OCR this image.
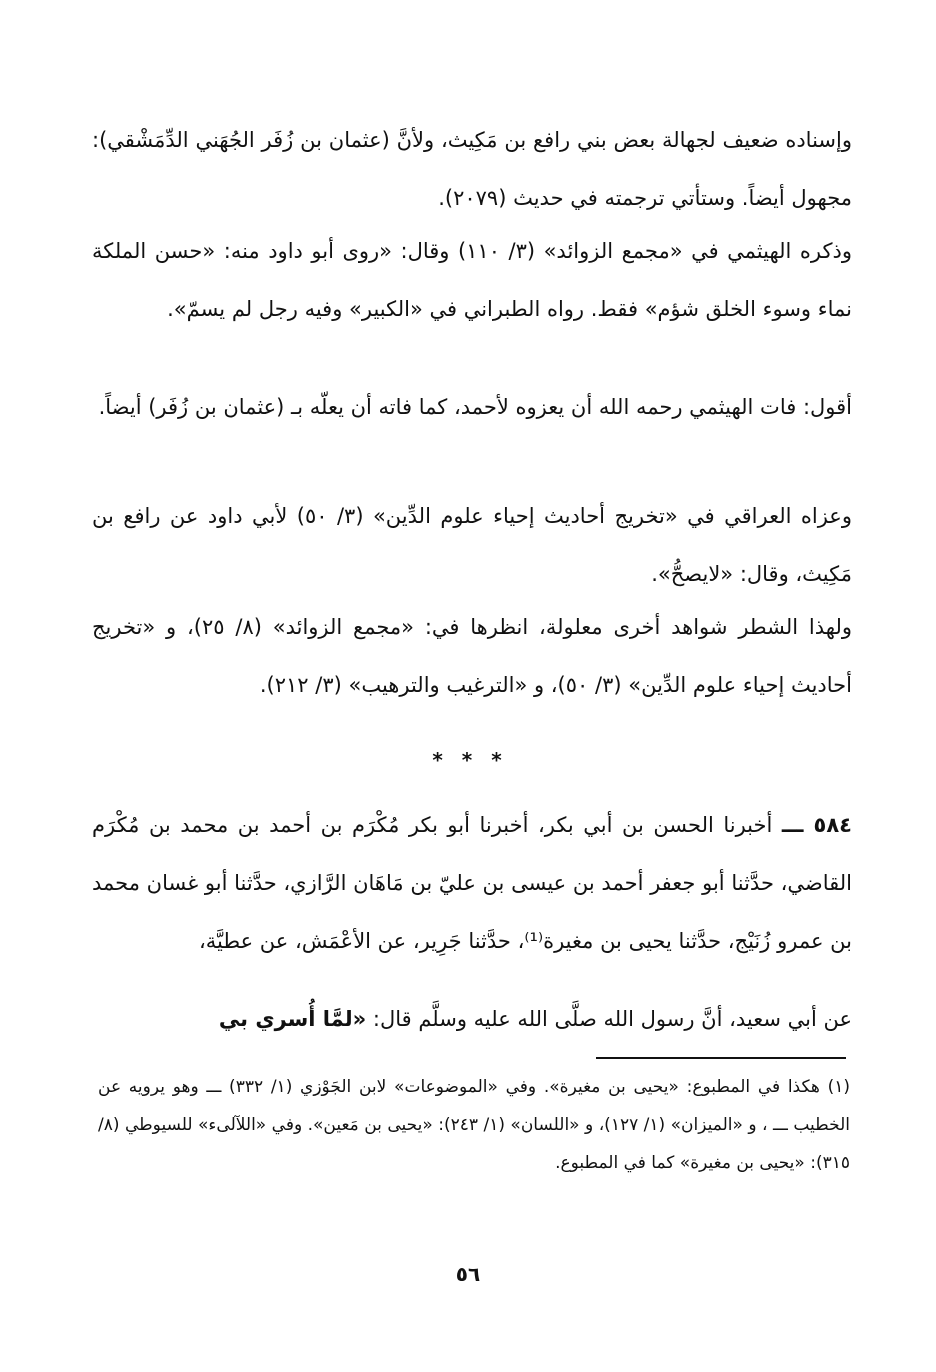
وإسناده ضعيف لجهالة بعض بني رافع بن مَكِيث، ولأنَّ (عثمان بن زُفَر الجُهَني الدِّمَشْقي): مجهول أيضاً. وستأتي ترجمته في حديث (٢٠٧٩).

وذكره الهيثمي في «مجمع الزوائد» (٣/ ١١٠) وقال: «روى أبو داود منه: «حسن الملكة نماء وسوء الخلق شؤم» فقط. رواه الطبراني في «الكبير» وفيه رجل لم يسمّ».

أقول: فات الهيثمي رحمه الله أن يعزوه لأحمد، كما فاته أن يعلّه بـ (عثمان بن زُفَر) أيضاً.

وعزاه العراقي في «تخريج أحاديث إحياء علوم الدِّين» (٣/ ٥٠) لأبي داود عن رافع بن مَكِيث، وقال: «لايصحُّ».

ولهذا الشطر شواهد أخرى معلولة، انظرها في: «مجمع الزوائد» (٨/ ٢٥)، و «تخريج أحاديث إحياء علوم الدِّين» (٣/ ٥٠)، و «الترغيب والترهيب» (٣/ ٢١٢).

* * *

٥٨٤ ـــ أخبرنا الحسن بن أبي بكر، أخبرنا أبو بكر مُكْرَم بن أحمد بن محمد بن مُكْرَم القاضي، حدَّثنا أبو جعفر أحمد بن عيسى بن عليّ بن مَاهَان الرَّازي، حدَّثنا أبو غسان محمد بن عمرو زُنَيْج، حدَّثنا يحيى بن مغيرة⁽¹⁾، حدَّثنا جَرِير، عن الأعْمَش، عن عطيَّة،

عن أبي سعيد، أنَّ رسول الله صلَّى الله عليه وسلَّم قال: «لمَّا أُسري بي

(١) هكذا في المطبوع: «يحيى بن مغيرة». وفي «الموضوعات» لابن الجَوْزي (١/ ٣٣٢) ـــ وهو يرويه عن الخطيب ـــ ، و «الميزان» (١/ ١٢٧)، و «اللسان» (١/ ٢٤٣): «يحيى بن مَعين». وفي «اللآلىء» للسيوطي (٨/ ٣١٥): «يحيى بن مغيرة» كما في المطبوع.

٥٦
